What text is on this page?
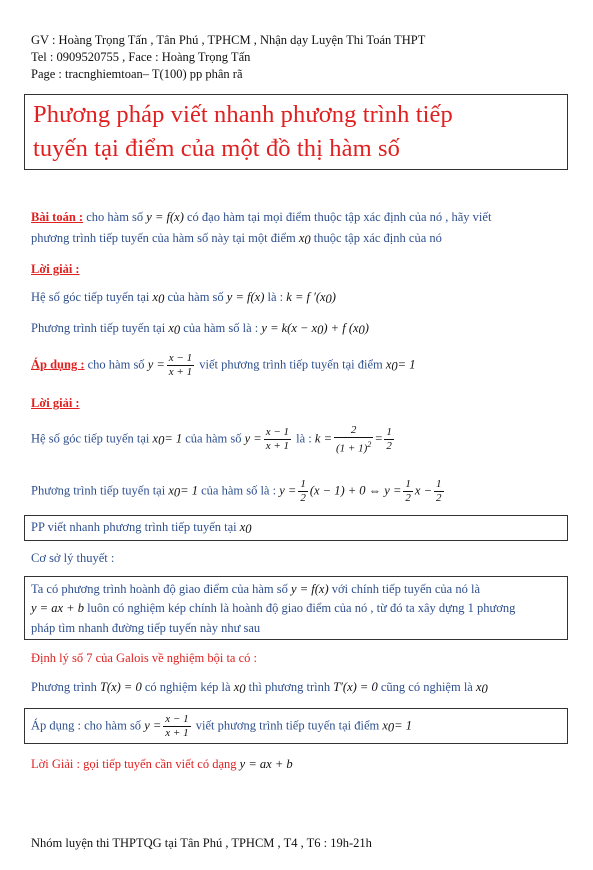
GV : Hoàng Trọng Tấn , Tân Phú , TPHCM , Nhận dạy Luyện Thi Toán THPT
Tel : 0909520755 , Face : Hoàng Trọng Tấn
Page : tracnghiemtoan– T(100) pp phân rã
Phương pháp viết nhanh phương trình tiếp
tuyến tại điểm của một đồ thị hàm số
Bài toán : cho hàm số y = f(x) có đạo hàm tại mọi điểm thuộc tập xác định của nó , hãy viết
phương trình tiếp tuyến của hàm số này tại một điểm $x_0$ thuộc tập xác định của nó
Lời giải :
Hệ số góc tiếp tuyến tại $x_0$ của hàm số y = f(x) là : k = f $'(x_0)$
Phương trình tiếp tuyến tại $x_0$ của hàm số là : $y = k(x - x_0) + f$ $(x_0)$
Áp dụng : cho hàm số $y = \frac{x - 1}{x + 1}$ viết phương trình tiếp tuyến tại điểm $x_0= 1$
Lời giải :
Hệ số góc tiếp tuyến tại $x_0= 1$ của hàm số $y = \frac{x - 1}{x + 1}$ là : $k = \frac{2}{(1 + 1)^2} = \frac{1}{2}$
Phương trình tiếp tuyến tại $x_0= 1$ của hàm số là : $y = \frac{1}{2} (x - 1) + 0$ ⇔ $y = \frac{1}{2}$ $x - \frac{1}{2}$
PP viết nhanh phương trình tiếp tuyến tại $x_0$
Cơ sở lý thuyết :
Ta có phương trình hoành độ giao điểm của hàm số y = f(x) với chính tiếp tuyến của nó là
y = ax + b luôn có nghiệm kép chính là hoành độ giao điểm của nó , từ đó ta xây dựng 1 phương
pháp tìm nhanh đường tiếp tuyến này như sau
Định lý số 7 của Galois về nghiệm bội ta có :
Phương trình T(x) = 0 có nghiệm kép là $x_0$ thì phương trình T′(x) = 0 cũng có nghiệm là $x_0$
Áp dụng : cho hàm số $y = \frac{x - 1}{x + 1}$ viết phương trình tiếp tuyến tại điểm $x_0= 1$
Lời Giải : gọi tiếp tuyến cần viết có dạng y = ax + b
Nhóm luyện thi THPTQG tại Tân Phú , TPHCM , T4 , T6 : 19h-21h
